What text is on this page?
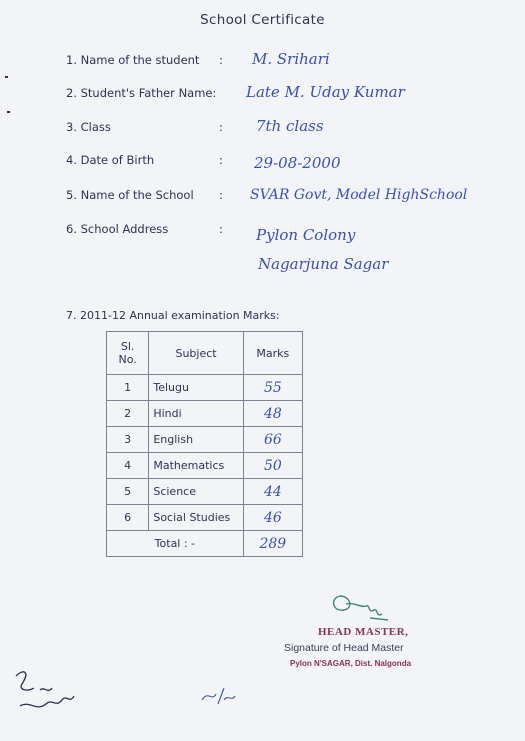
School Certificate
1. Name of the student : M. Srihari
2. Student's Father Name: Late M. Uday Kumar
3. Class	: 7th class
4. Date of Birth	: 29-08-2000
5. Name of the School : SVAR Govt, Model HighSchool
6. School Address	: Pylon Colony
Nagarjuna Sagar
7. 2011-12 Annual examination Marks:
Sl. No.	Subject	Marks
1	Telugu	55
2	Hindi	48
3	English	66
4	Mathematics	50
5	Science	44
6	Social Studies	46
Total : -		289
HEAD MASTER,
Signature of Head Master
Pylon N'SAGAR, Dist. Nalgonda
